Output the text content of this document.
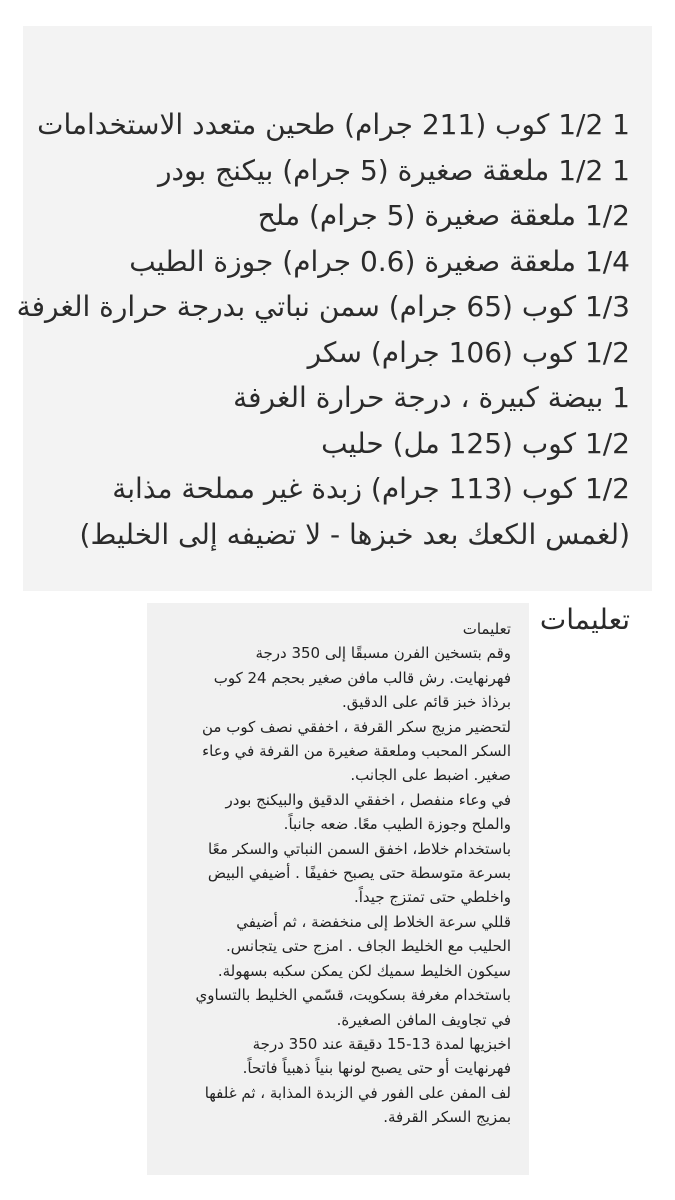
1 1/2 كوب (211 جرام) طحين متعدد الاستخدامات
1 1/2 ملعقة صغيرة (5 جرام) بيكنج بودر
1/2 ملعقة صغيرة (5 جرام) ملح
1/4 ملعقة صغيرة (0.6 جرام) جوزة الطيب
1/3 كوب (65 جرام) سمن نباتي بدرجة حرارة الغرفة
1/2 كوب (106 جرام) سكر
1 بيضة كبيرة ، درجة حرارة الغرفة
1/2 كوب (125 مل) حليب
1/2 كوب (113 جرام) زبدة غير مملحة مذابة
(لغمس الكعك بعد خبزها - لا تضيفه إلى الخليط)
تعليمات

تعليمات

وقم بتسخين الفرن مسبقًا إلى 350 درجة
فهرنهايت. رش قالب مافن صغير بحجم 24 كوب
برذاذ خبز قائم على الدقيق.

لتحضير مزيج سكر القرفة ، اخفقي نصف كوب من
السكر المحبب وملعقة صغيرة من القرفة في وعاء
صغير. اضبط على الجانب.

في وعاء منفصل ، اخفقي الدقيق والبيكنج بودر
والملح وجوزة الطيب معًا. ضعه جانباً.

باستخدام خلاط، اخفق السمن النباتي والسكر معًا
بسرعة متوسطة حتى يصبح خفيفًا . أضيفي البيض
واخلطي حتى تمتزج جيداً.

قللي سرعة الخلاط إلى منخفضة ، ثم أضيفي
الحليب مع الخليط الجاف . امزج حتى يتجانس.
سيكون الخليط سميك لكن يمكن سكبه بسهولة.

باستخدام مغرفة بسكويت، قسّمي الخليط بالتساوي
في تجاويف المافن الصغيرة.

اخبزيها لمدة 13-15 دقيقة عند 350 درجة
فهرنهايت أو حتى يصبح لونها بنياً ذهبياً فاتحاً.

لف المفن على الفور في الزبدة المذابة ، ثم غلفها
بمزيج السكر القرفة.
